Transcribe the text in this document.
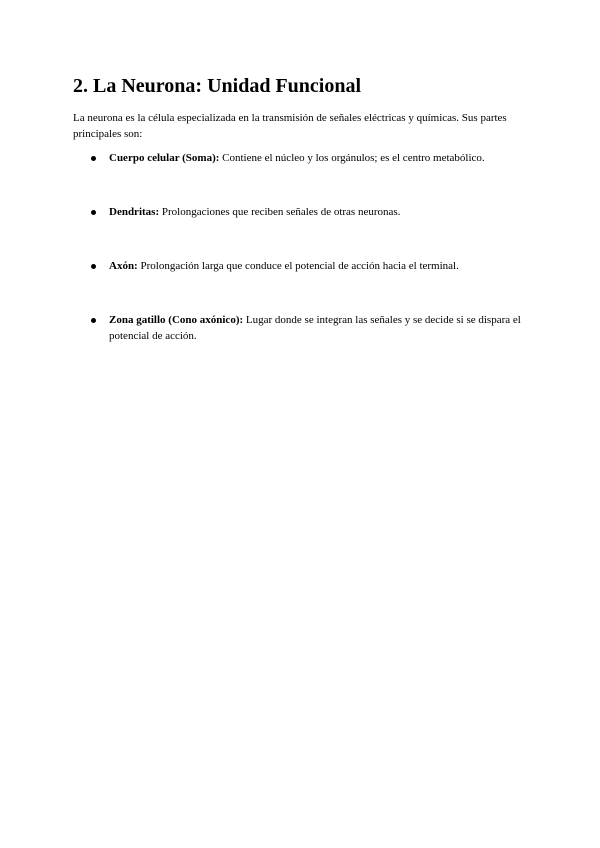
2. La Neurona: Unidad Funcional

La neurona es la célula especializada en la transmisión de señales eléctricas y químicas. Sus partes principales son:

Cuerpo celular (Soma): Contiene el núcleo y los orgánulos; es el centro metabólico.
Dendritas: Prolongaciones que reciben señales de otras neuronas.
Axón: Prolongación larga que conduce el potencial de acción hacia el terminal.
Zona gatillo (Cono axónico): Lugar donde se integran las señales y se decide si se dispara el potencial de acción.
